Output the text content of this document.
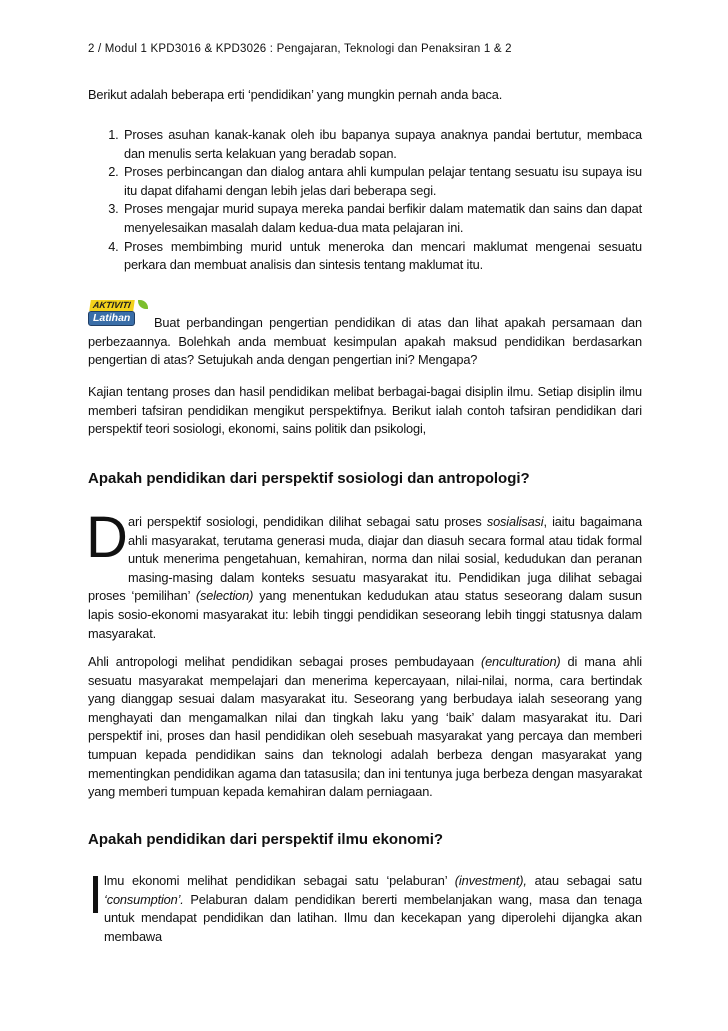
2 / Modul 1 KPD3016 & KPD3026 : Pengajaran, Teknologi dan Penaksiran 1 & 2
Berikut adalah beberapa erti ‘pendidikan’ yang mungkin pernah anda baca.
1. Proses asuhan kanak-kanak oleh ibu bapanya supaya anaknya pandai bertutur, membaca dan menulis serta kelakuan yang beradab sopan.
2. Proses perbincangan dan dialog antara ahli kumpulan pelajar tentang sesuatu isu supaya isu itu dapat difahami dengan lebih jelas dari beberapa segi.
3. Proses mengajar murid supaya mereka pandai berfikir dalam matematik dan sains dan dapat menyelesaikan masalah dalam kedua-dua mata pelajaran ini.
4. Proses membimbing murid untuk meneroka dan mencari maklumat mengenai sesuatu perkara dan membuat analisis dan sintesis tentang maklumat itu.
AKTIVITI
Latihan	Buat perbandingan pengertian pendidikan di atas dan lihat apakah persamaan dan perbezaannya. Bolehkah anda membuat kesimpulan apakah maksud pendidikan berdasarkan pengertian di atas? Setujukah anda dengan pengertian ini? Mengapa?
Kajian tentang proses dan hasil pendidikan melibat berbagai-bagai disiplin ilmu. Setiap disiplin ilmu memberi tafsiran pendidikan mengikut perspektifnya. Berikut ialah contoh tafsiran pendidikan dari perspektif teori sosiologi, ekonomi, sains politik dan psikologi,
Apakah pendidikan dari perspektif sosiologi dan antropologi?
D ari perspektif sosiologi, pendidikan dilihat sebagai satu proses sosialisasi, iaitu bagaimana ahli masyarakat, terutama generasi muda, diajar dan diasuh secara formal atau tidak formal untuk menerima pengetahuan, kemahiran, norma dan nilai sosial, kedudukan dan peranan masing-masing dalam konteks sesuatu masyarakat itu. Pendidikan juga dilihat sebagai proses ‘pemilihan’ (selection) yang menentukan kedudukan atau status seseorang dalam susun lapis sosio-ekonomi masyarakat itu: lebih tinggi pendidikan seseorang lebih tinggi statusnya dalam masyarakat.
Ahli antropologi melihat pendidikan sebagai proses pembudayaan (enculturation) di mana ahli sesuatu masyarakat mempelajari dan menerima kepercayaan, nilai-nilai, norma, cara bertindak yang dianggap sesuai dalam masyarakat itu. Seseorang yang berbudaya ialah seseorang yang menghayati dan mengamalkan nilai dan tingkah laku yang ‘baik’ dalam masyarakat itu. Dari perspektif ini, proses dan hasil pendidikan oleh sesebuah masyarakat yang percaya dan memberi tumpuan kepada pendidikan sains dan teknologi adalah berbeza dengan masyarakat yang mementingkan pendidikan agama dan tatasusila; dan ini tentunya juga berbeza dengan masyarakat yang memberi tumpuan kepada kemahiran dalam perniagaan.
Apakah pendidikan dari perspektif ilmu ekonomi?
I lmu ekonomi melihat pendidikan sebagai satu ‘pelaburan’ (investment), atau sebagai satu ‘consumption’. Pelaburan dalam pendidikan bererti membelanjakan wang, masa dan tenaga untuk mendapat pendidikan dan latihan. Ilmu dan kecekapan yang diperolehi dijangka akan membawa
